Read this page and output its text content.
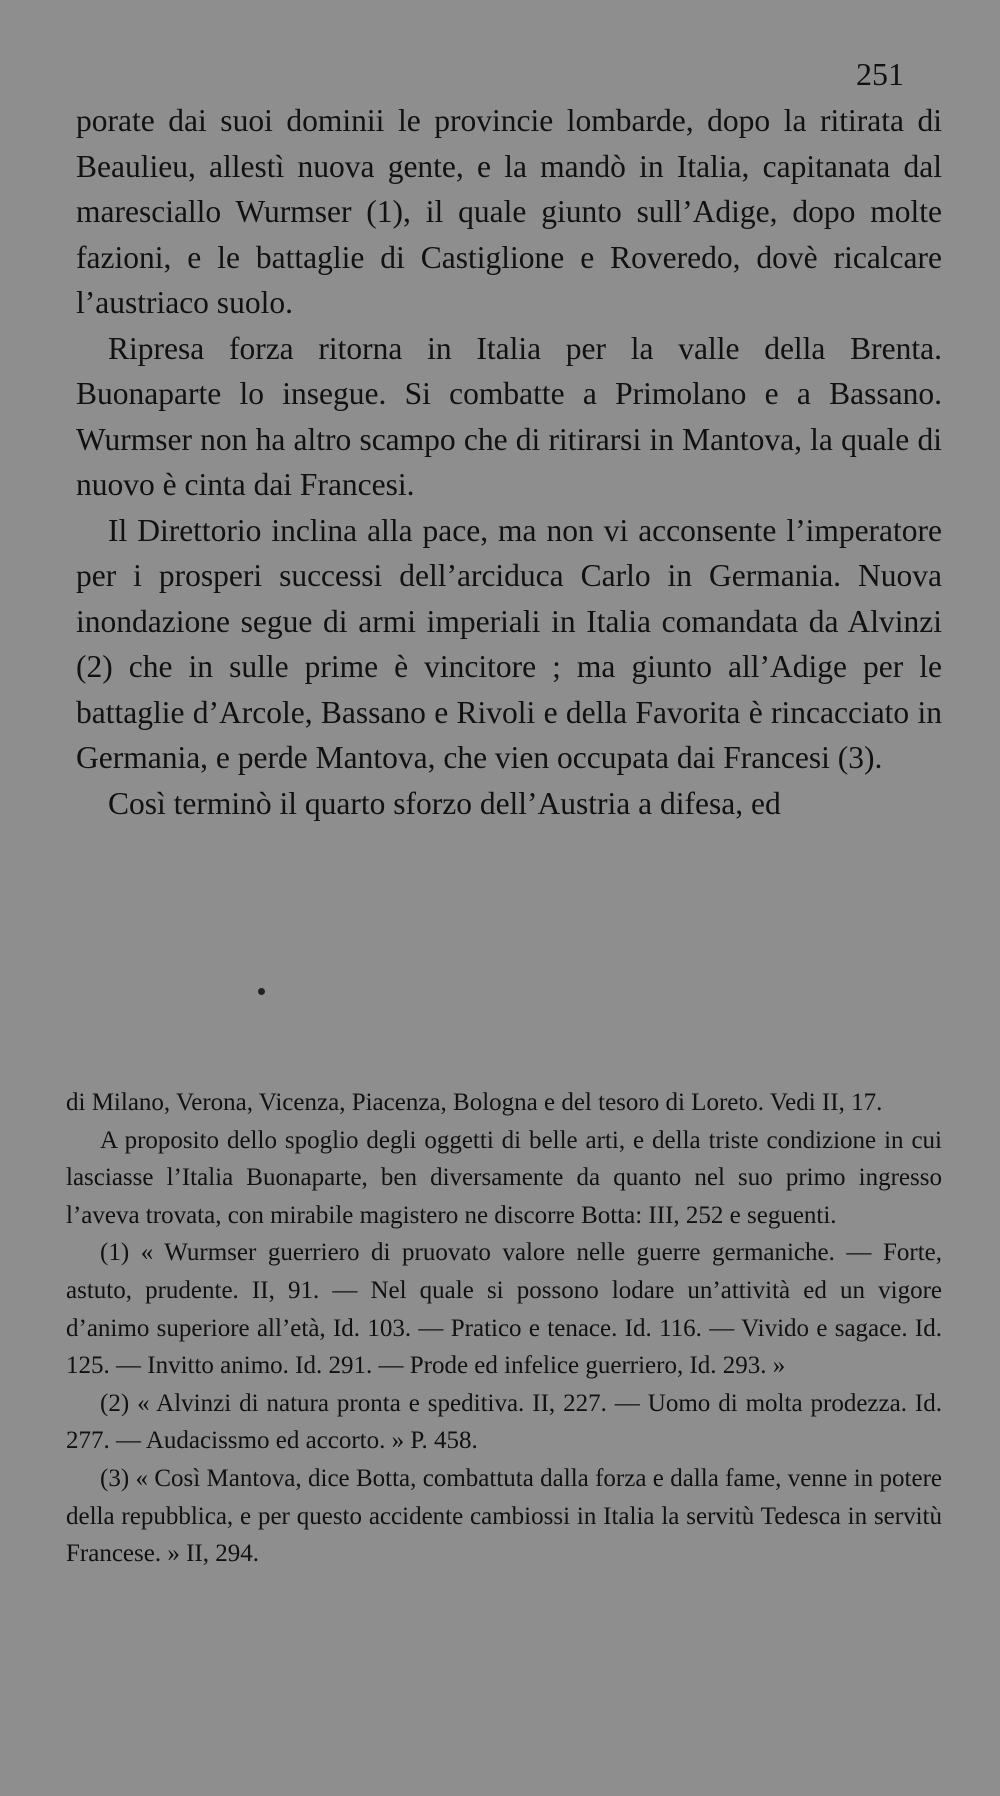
251

porate dai suoi dominii le provincie lombarde, dopo la ritirata di Beaulieu, allestì nuova gente, e la mandò in Italia, capitanata dal maresciallo Wurmser (1), il quale giunto sull’Adige, dopo molte fazioni, e le battaglie di Castiglione e Roveredo, dovè ricalcare l’austriaco suolo.

Ripresa forza ritorna in Italia per la valle della Brenta. Buonaparte lo insegue. Si combatte a Primolano e a Bassano. Wurmser non ha altro scampo che di ritirarsi in Mantova, la quale di nuovo è cinta dai Francesi.

Il Direttorio inclina alla pace, ma non vi acconsente l’imperatore per i prosperi successi dell’arciduca Carlo in Germania. Nuova inondazione segue di armi imperiali in Italia comandata da Alvinzi (2) che in sulle prime è vincitore ; ma giunto all’Adige per le battaglie d’Arcole, Bassano e Rivoli e della Favorita è rincacciato in Germania, e perde Mantova, che vien occupata dai Francesi (3).

Così terminò il quarto sforzo dell’Austria a difesa, ed

di Milano, Verona, Vicenza, Piacenza, Bologna e del tesoro di Loreto. Vedi II, 17.

A proposito dello spoglio degli oggetti di belle arti, e della triste condizione in cui lasciasse l’Italia Buonaparte, ben diversamente da quanto nel suo primo ingresso l’aveva trovata, con mirabile magistero ne discorre Botta: III, 252 e seguenti.

(1) « Wurmser guerriero di pruovato valore nelle guerre germaniche. — Forte, astuto, prudente. II, 91. — Nel quale si possono lodare un’attività ed un vigore d’animo superiore all’età, Id. 103. — Pratico e tenace. Id. 116. — Vivido e sagace. Id. 125. — Invitto animo. Id. 291. — Prode ed infelice guerriero, Id. 293. »

(2) « Alvinzi di natura pronta e speditiva. II, 227. — Uomo di molta prodezza. Id. 277. — Audacissmo ed accorto. » P. 458.

(3) « Così Mantova, dice Botta, combattuta dalla forza e dalla fame, venne in potere della repubblica, e per questo accidente cambiossi in Italia la servitù Tedesca in servitù Francese. » II, 294.
